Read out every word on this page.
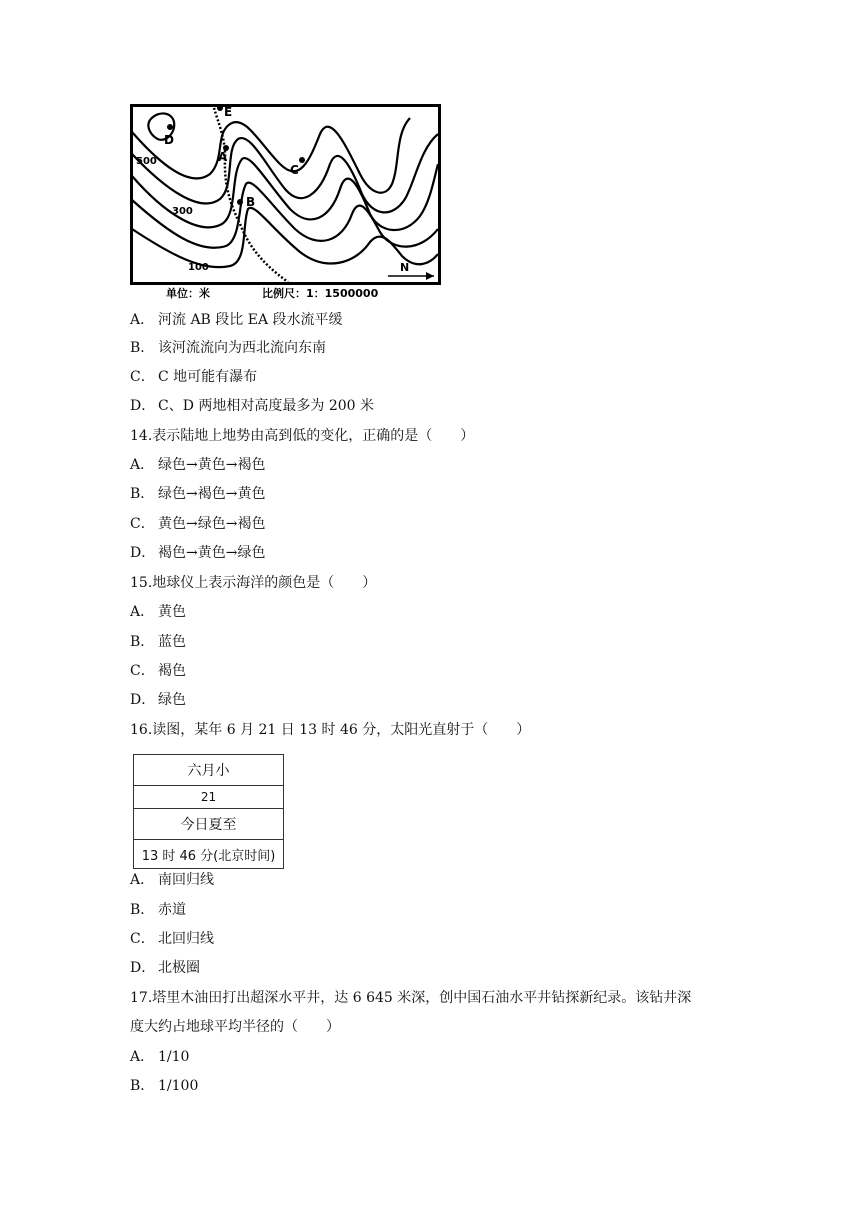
E
D
A
C
B
500
300
100	N
单位：米	比例尺：1：1500000
A． 河流 AB 段比 EA 段水流平缓
B． 该河流流向为西北流向东南
C． C 地可能有瀑布
D． C、D 两地相对高度最多为 200 米
14.表示陆地上地势由高到低的变化，正确的是（　　）
A． 绿色→黄色→褐色
B． 绿色→褐色→黄色
C． 黄色→绿色→褐色
D． 褐色→黄色→绿色
15.地球仪上表示海洋的颜色是（　　）
A． 黄色
B． 蓝色
C． 褐色
D． 绿色
16.读图，某年 6 月 21 日 13 时 46 分，太阳光直射于（　　）
六月小
21
今日夏至
13 时 46 分(北京时间)
A． 南回归线
B． 赤道
C． 北回归线
D． 北极圈
17.塔里木油田打出超深水平井，达 6 645 米深，创中国石油水平井钻探新纪录。该钻井深
度大约占地球平均半径的（　　）
A． 1/10
B． 1/100
